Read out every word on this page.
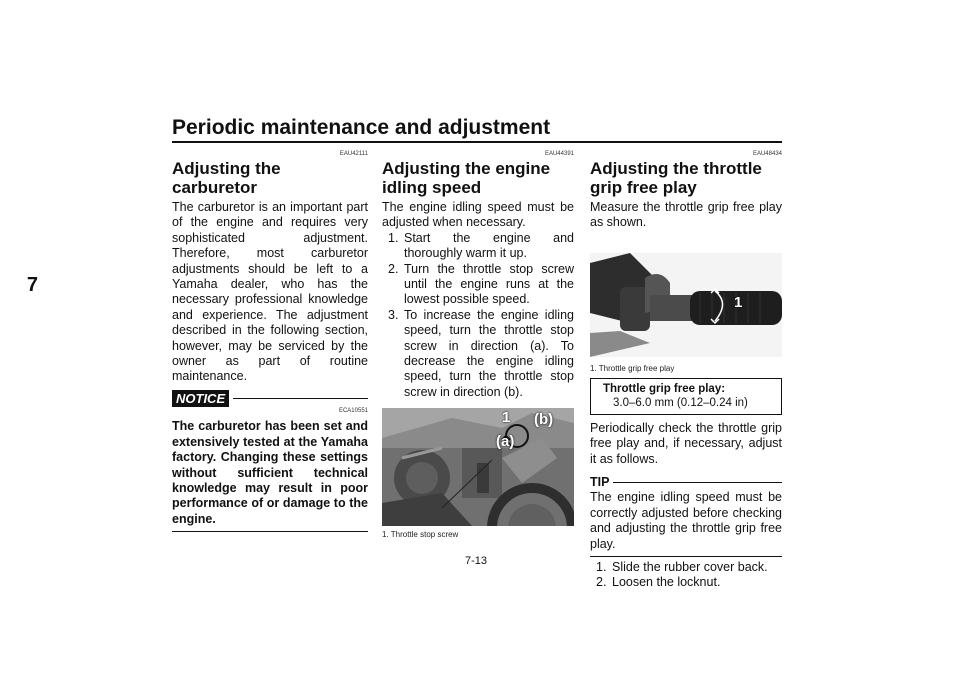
Periodic maintenance and adjustment
7
EAU42111
Adjusting the carburetor

The carburetor is an important part of the engine and requires very sophisticated adjustment. Therefore, most carburetor adjustments should be left to a Yamaha dealer, who has the necessary professional knowledge and experience. The adjustment described in the following section, however, may be serviced by the owner as part of routine maintenance.

NOTICE
ECA10551

The carburetor has been set and extensively tested at the Yamaha factory. Changing these settings without sufficient technical knowledge may result in poor performance of or damage to the engine.

EAU44391
Adjusting the engine idling speed

The engine idling speed must be adjusted when necessary.

1. Start the engine and thoroughly warm it up.
2. Turn the throttle stop screw until the engine runs at the lowest possible speed.
3. To increase the engine idling speed, turn the throttle stop screw in direction (a). To decrease the engine idling speed, turn the throttle stop screw in direction (b).
1
(a)
(b)
1. Throttle stop screw
EAU48434
Adjusting the throttle grip free play

Measure the throttle grip free play as shown.

1
1. Throttle grip free play
Throttle grip free play:
3.0–6.0 mm (0.12–0.24 in)

Periodically check the throttle grip free play and, if necessary, adjust it as follows.

TIP

The engine idling speed must be correctly adjusted before checking and adjusting the throttle grip free play.

1. Slide the rubber cover back.
2. Loosen the locknut.
7-13
